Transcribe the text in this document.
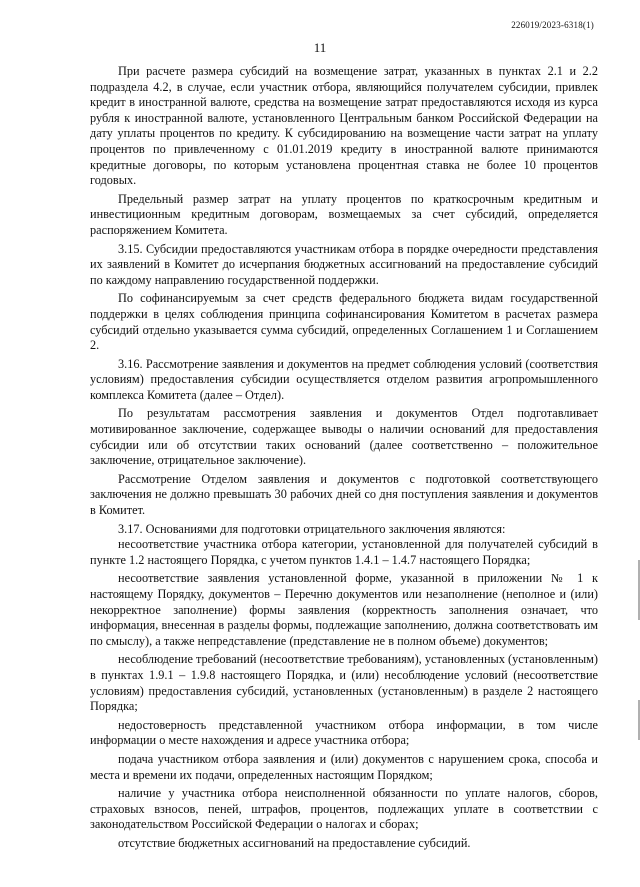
226019/2023-6318(1)
11

При расчете размера субсидий на возмещение затрат, указанных в пунктах 2.1 и 2.2 подраздела 4.2, в случае, если участник отбора, являющийся получателем субсидии, привлек кредит в иностранной валюте, средства на возмещение затрат предоставляются исходя из курса рубля к иностранной валюте, установленного Центральным банком Российской Федерации на дату уплаты процентов по кредиту. К субсидированию на возмещение части затрат на уплату процентов по привлеченному с 01.01.2019 кредиту в иностранной валюте принимаются кредитные договоры, по которым установлена процентная ставка не более 10 процентов годовых.

Предельный размер затрат на уплату процентов по краткосрочным кредитным и инвестиционным кредитным договорам, возмещаемых за счет субсидий, определяется распоряжением Комитета.

3.15. Субсидии предоставляются участникам отбора в порядке очередности представления их заявлений в Комитет до исчерпания бюджетных ассигнований на предоставление субсидий по каждому направлению государственной поддержки.

По софинансируемым за счет средств федерального бюджета видам государственной поддержки в целях соблюдения принципа софинансирования Комитетом в расчетах размера субсидий отдельно указывается сумма субсидий, определенных Соглашением 1 и Соглашением 2.

3.16. Рассмотрение заявления и документов на предмет соблюдения условий (соответствия условиям) предоставления субсидии осуществляется отделом развития агропромышленного комплекса Комитета (далее – Отдел).

По результатам рассмотрения заявления и документов Отдел подготавливает мотивированное заключение, содержащее выводы о наличии оснований для предоставления субсидии или об отсутствии таких оснований (далее соответственно – положительное заключение, отрицательное заключение).

Рассмотрение Отделом заявления и документов с подготовкой соответствующего заключения не должно превышать 30 рабочих дней со дня поступления заявления и документов в Комитет.

3.17. Основаниями для подготовки отрицательного заключения являются:

несоответствие участника отбора категории, установленной для получателей субсидий в пункте 1.2 настоящего Порядка, с учетом пунктов 1.4.1 – 1.4.7 настоящего Порядка;

несоответствие заявления установленной форме, указанной в приложении № 1 к настоящему Порядку, документов – Перечню документов или незаполнение (неполное и (или) некорректное заполнение) формы заявления (корректность заполнения означает, что информация, внесенная в разделы формы, подлежащие заполнению, должна соответствовать им по смыслу), а также непредставление (представление не в полном объеме) документов;

несоблюдение требований (несоответствие требованиям), установленных (установленным) в пунктах 1.9.1 – 1.9.8 настоящего Порядка, и (или) несоблюдение условий (несоответствие условиям) предоставления субсидий, установленных (установленным) в разделе 2 настоящего Порядка;

недостоверность представленной участником отбора информации, в том числе информации о месте нахождения и адресе участника отбора;

подача участником отбора заявления и (или) документов с нарушением срока, способа и места и времени их подачи, определенных настоящим Порядком;

наличие у участника отбора неисполненной обязанности по уплате налогов, сборов, страховых взносов, пеней, штрафов, процентов, подлежащих уплате в соответствии с законодательством Российской Федерации о налогах и сборах;

отсутствие бюджетных ассигнований на предоставление субсидий.
